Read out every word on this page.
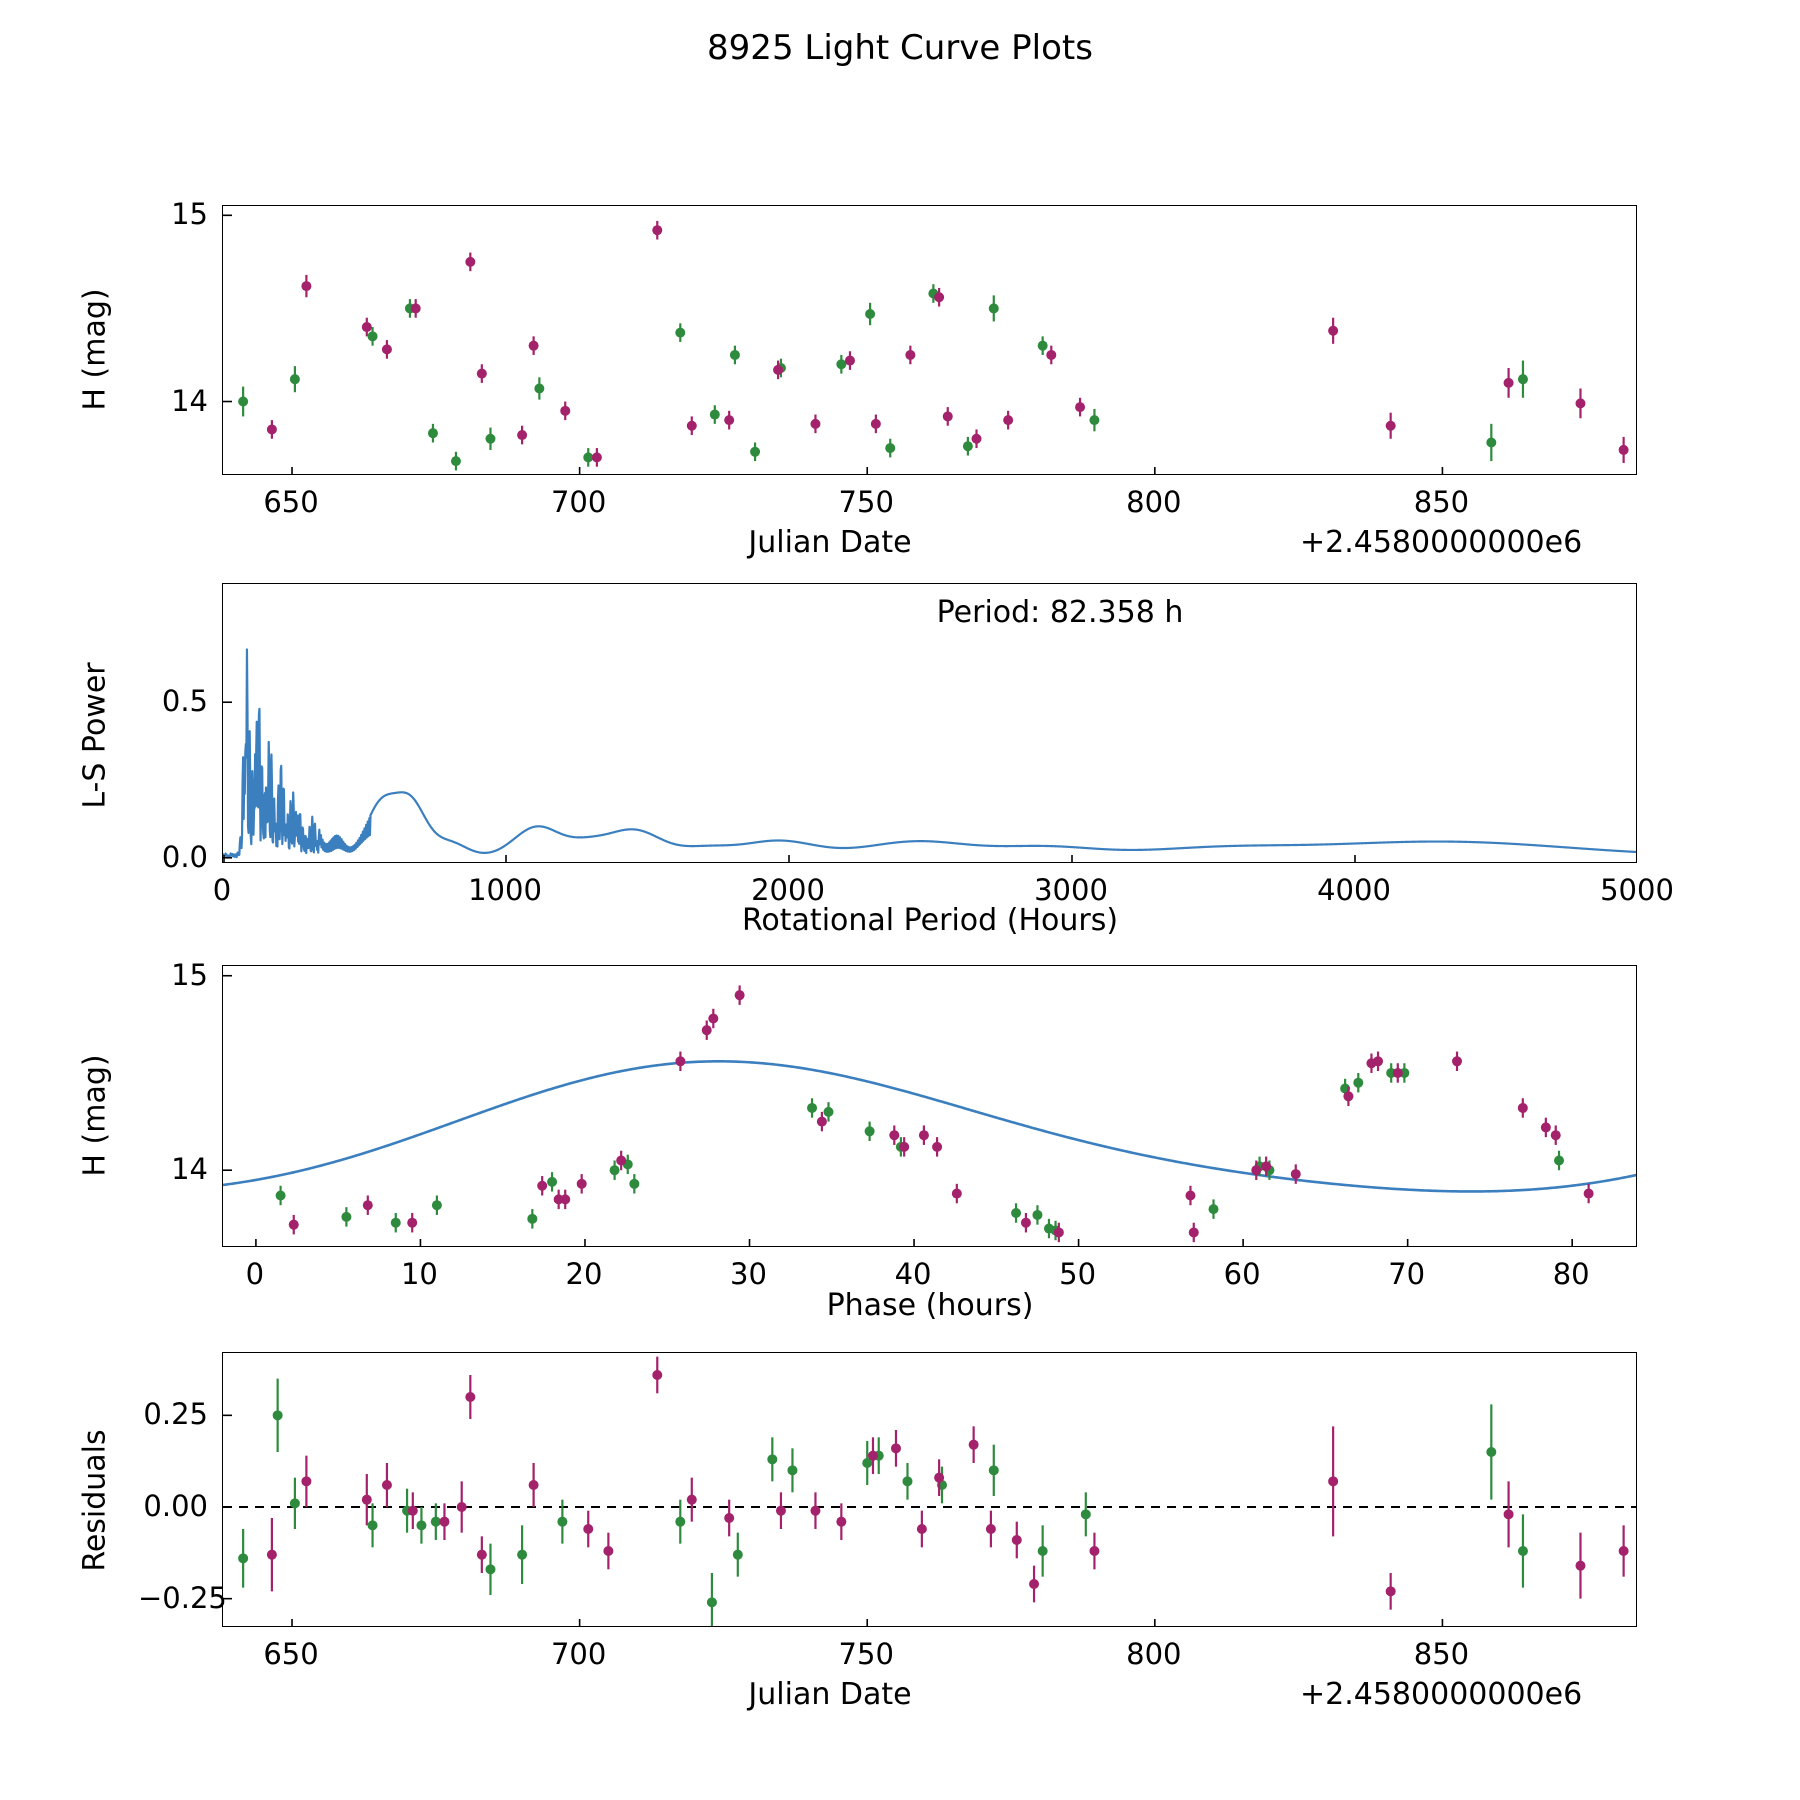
8925 Light Curve Plots
H (mag)
Julian Date	+2.4580000000e6
L-S Power
Period: 82.358 h
Rotational Period (Hours)
H (mag)
Phase (hours)
Residuals
Julian Date	+2.4580000000e6
650	700	750	800	850
15
14
650	700	750	800	850
0.25
0.00
−0.25
0	1000	2000	3000	4000	5000
0.5
0.0
0	10	20	30	40	50	60	70	80
15
14
